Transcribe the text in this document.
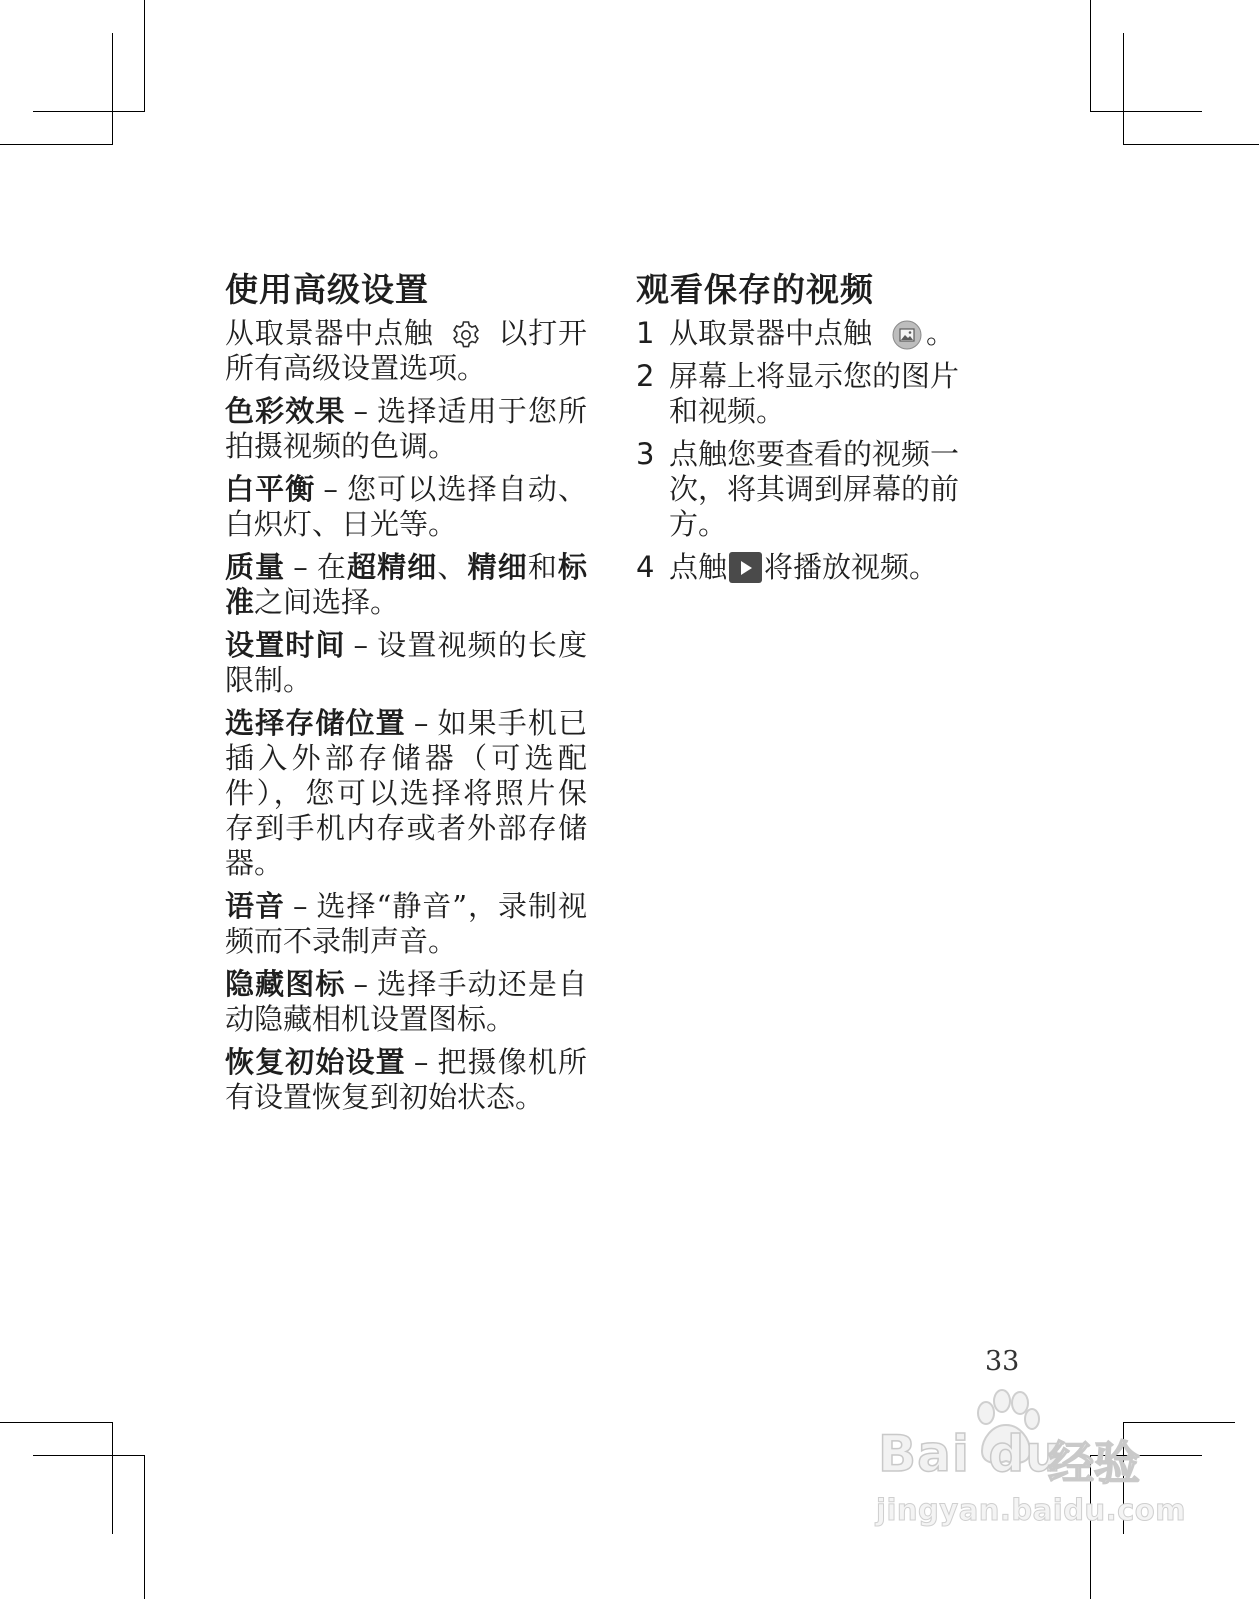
使用高级设置

从取景器中点触 以打开所有高级设置选项。

色彩效果 – 选择适用于您所拍摄视频的色调。

白平衡 – 您可以选择自动、白炽灯、日光等。

质量 – 在超精细、精细和标准之间选择。

设置时间 – 设置视频的长度限制。

选择存储位置 – 如果手机已插入外部存储器（可选配件），您可以选择将照片保存到手机内存或者外部存储器。

语音 – 选择“静音”，录制视频而不录制声音。

隐藏图标 – 选择手动还是自动隐藏相机设置图标。

恢复初始设置 – 把摄像机所有设置恢复到初始状态。

观看保存的视频
1 从取景器中点触 。
2 屏幕上将显示您的图片和视频。
3 点触您要查看的视频一次，将其调到屏幕的前方。
4 点触 将播放视频。
33
Bai du
经验
jingyan.baidu.com
